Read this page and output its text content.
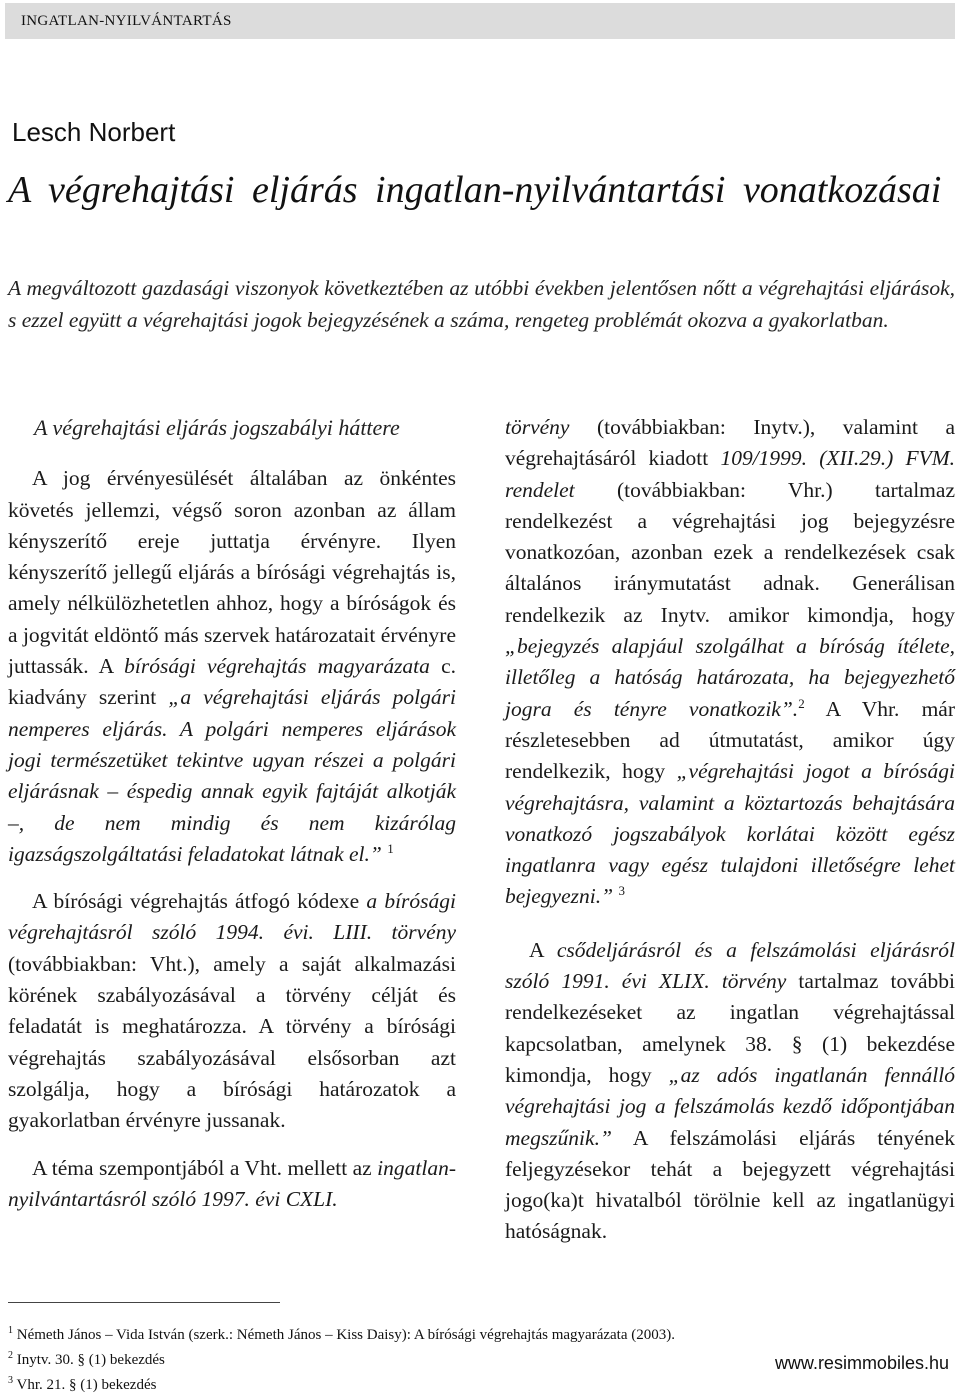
INGATLAN-NYILVÁNTARTÁS
Lesch Norbert
A végrehajtási eljárás ingatlan-nyilvántartási vonatkozásai
A megváltozott gazdasági viszonyok következtében az utóbbi években jelentősen nőtt a végrehajtási eljárások, s ezzel együtt a végrehajtási jogok bejegyzésének a száma, rengeteg problémát okozva a gyakorlatban.
A végrehajtási eljárás jogszabályi háttere

A jog érvényesülését általában az önkéntes követés jellemzi, végső soron azonban az állam kényszerítő ereje juttatja érvényre. Ilyen kényszerítő jellegű eljárás a bírósági végrehajtás is, amely nélkülözhetetlen ahhoz, hogy a bíróságok és a jogvitát eldöntő más szervek határozatait érvényre juttassák. A bírósági végrehajtás magyarázata c. kiadvány szerint „a végrehajtási eljárás polgári nemperes eljárás. A polgári nemperes eljárások jogi természetüket tekintve ugyan részei a polgári eljárásnak – éspedig annak egyik fajtáját alkotják –, de nem mindig és nem kizárólag igazságszolgáltatási feladatokat látnak el.” $^1$

A bírósági végrehajtás átfogó kódexe a bírósági végrehajtásról szóló 1994. évi. LIII. törvény (továbbiakban: Vht.), amely a saját alkalmazási körének szabályozásával a törvény célját és feladatát is meghatározza. A törvény a bírósági végrehajtás szabályozásával elsősorban azt szolgálja, hogy a bírósági határozatok a gyakorlatban érvényre jussanak.

A téma szempontjából a Vht. mellett az ingatlan-nyilvántartásról szóló 1997. évi CXLI.

törvény (továbbiakban: Inytv.), valamint a végrehajtásáról kiadott 109/1999. (XII.29.) FVM. rendelet (továbbiakban: Vhr.) tartalmaz rendelkezést a végrehajtási jog bejegyzésre vonatkozóan, azonban ezek a rendelkezések csak általános iránymutatást adnak. Generálisan rendelkezik az Inytv. amikor kimondja, hogy „bejegyzés alapjául szolgálhat a bíróság ítélete, illetőleg a hatóság határozata, ha bejegyezhető jogra és tényre vonatkozik”.$^2$ A Vhr. már részletesebben ad útmutatást, amikor úgy rendelkezik, hogy „végrehajtási jogot a bírósági végrehajtásra, valamint a köztartozás behajtására vonatkozó jogszabályok korlátai között egész ingatlanra vagy egész tulajdoni illetőségre lehet bejegyezni.” $^3$

A csődeljárásról és a felszámolási eljárásról szóló 1991. évi XLIX. törvény tartalmaz további rendelkezéseket az ingatlan végrehajtással kapcsolatban, amelynek 38. § (1) bekezdése kimondja, hogy „az adós ingatlanán fennálló végrehajtási jog a felszámolás kezdő időpontjában megszűnik.” A felszámolási eljárás tényének feljegyzésekor tehát a bejegyzett végrehajtási jogo(ka)t hivatalból törölnie kell az ingatlanügyi hatóságnak.

$^1$ Németh János – Vida István (szerk.: Németh János – Kiss Daisy): A bírósági végrehajtás magyarázata (2003).
$^2$ Inytv. 30. § (1) bekezdés
$^3$ Vhr. 21. § (1) bekezdés
www.resimmobiles.hu
